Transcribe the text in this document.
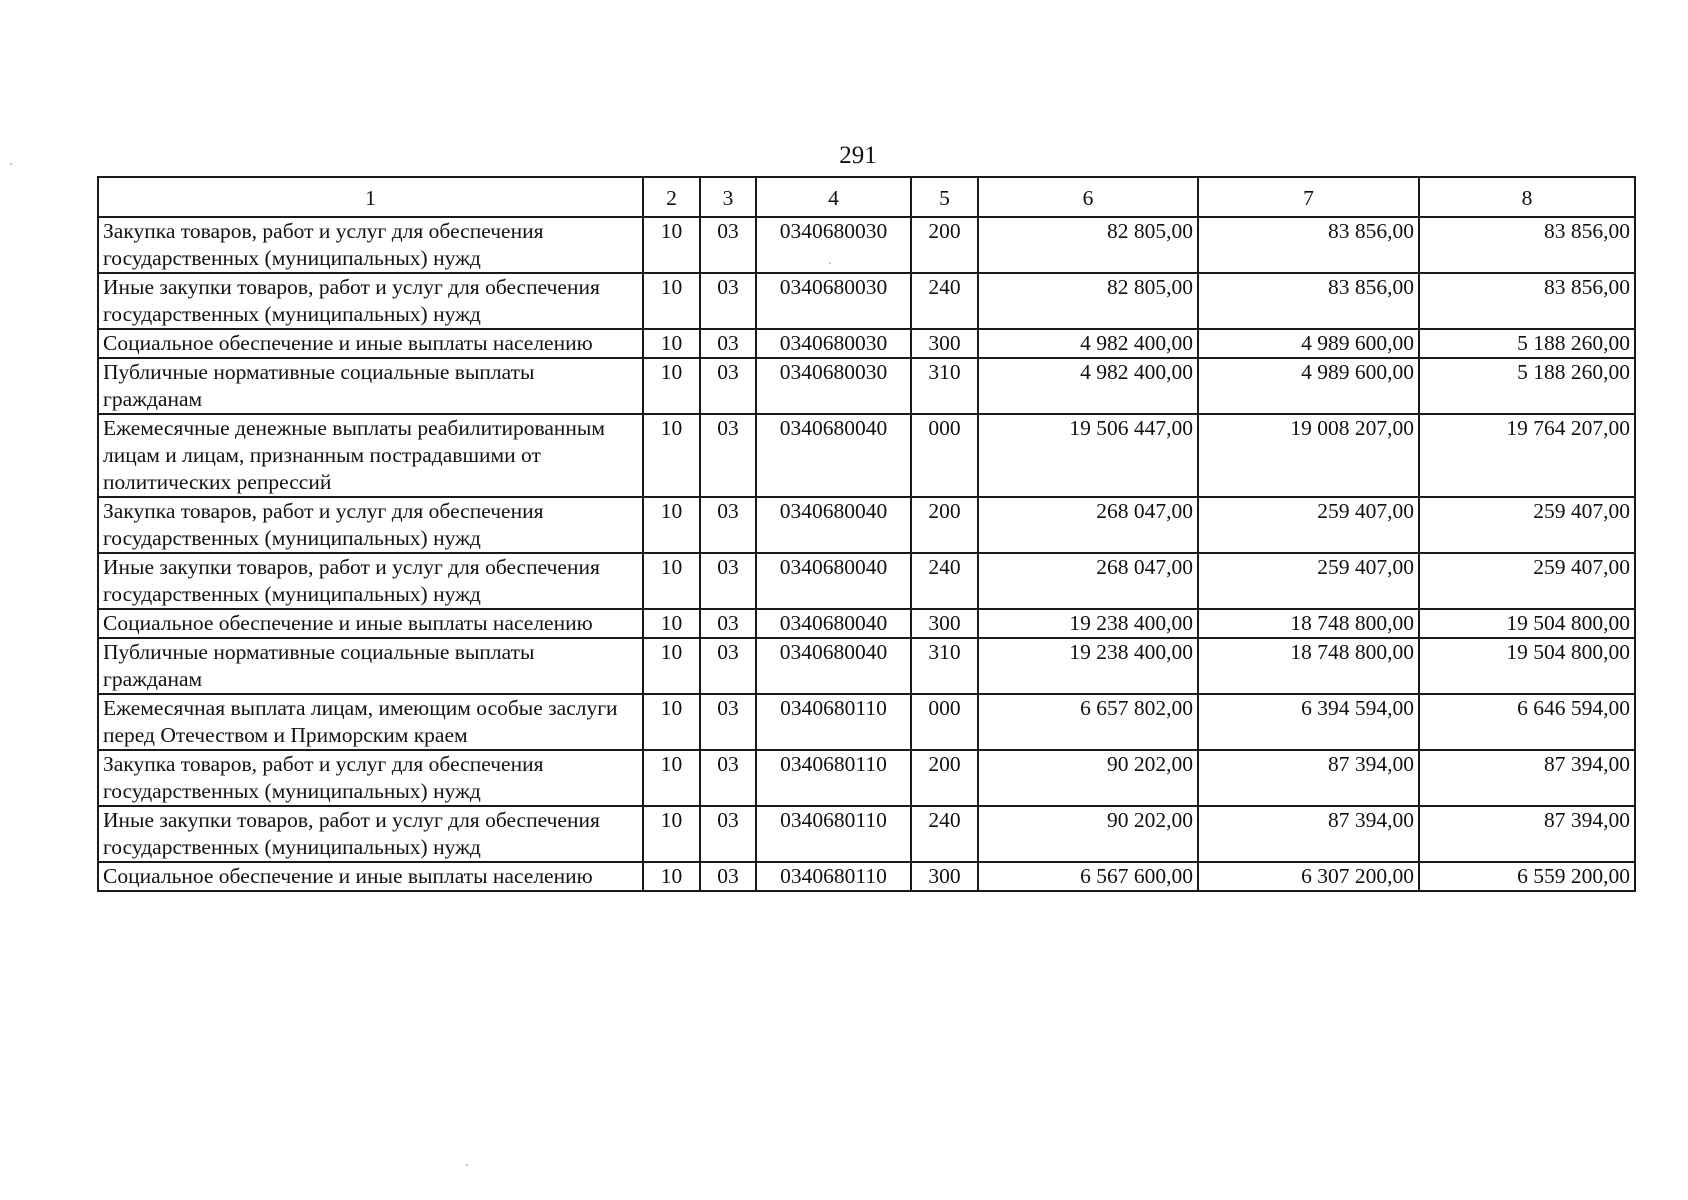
291
1	2	3	4	5	6	7	8
Закупка товаров, работ и услуг для обеспечения государственных (муниципальных) нужд	10	03	0340680030	200	82 805,00	83 856,00	83 856,00
Иные закупки товаров, работ и услуг для обеспечения государственных (муниципальных) нужд	10	03	0340680030	240	82 805,00	83 856,00	83 856,00
Социальное обеспечение и иные выплаты населению	10	03	0340680030	300	4 982 400,00	4 989 600,00	5 188 260,00
Публичные нормативные социальные выплаты гражданам	10	03	0340680030	310	4 982 400,00	4 989 600,00	5 188 260,00
Ежемесячные денежные выплаты реабилитированным лицам и лицам, признанным пострадавшими от политических репрессий	10	03	0340680040	000	19 506 447,00	19 008 207,00	19 764 207,00
Закупка товаров, работ и услуг для обеспечения государственных (муниципальных) нужд	10	03	0340680040	200	268 047,00	259 407,00	259 407,00
Иные закупки товаров, работ и услуг для обеспечения государственных (муниципальных) нужд	10	03	0340680040	240	268 047,00	259 407,00	259 407,00
Социальное обеспечение и иные выплаты населению	10	03	0340680040	300	19 238 400,00	18 748 800,00	19 504 800,00
Публичные нормативные социальные выплаты гражданам	10	03	0340680040	310	19 238 400,00	18 748 800,00	19 504 800,00
Ежемесячная выплата лицам, имеющим особые заслуги перед Отечеством и Приморским краем	10	03	0340680110	000	6 657 802,00	6 394 594,00	6 646 594,00
Закупка товаров, работ и услуг для обеспечения государственных (муниципальных) нужд	10	03	0340680110	200	90 202,00	87 394,00	87 394,00
Иные закупки товаров, работ и услуг для обеспечения государственных (муниципальных) нужд	10	03	0340680110	240	90 202,00	87 394,00	87 394,00
Социальное обеспечение и иные выплаты населению	10	03	0340680110	300	6 567 600,00	6 307 200,00	6 559 200,00
